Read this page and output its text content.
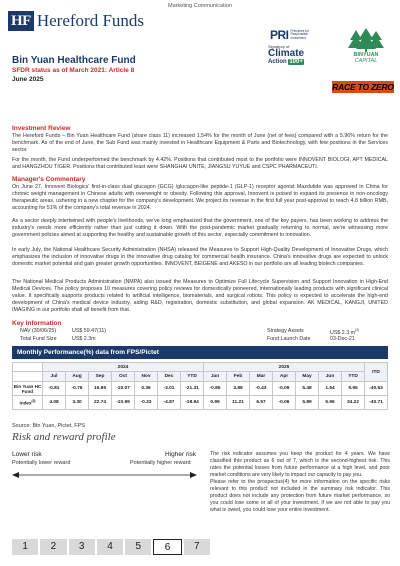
Marketing Communication
HF Hereford Funds
PRI Principles for Responsible Investment
Signatory of
Climate
Action 100+
BINYUAN
CAPITAL
RACE TO ZERO
Bin Yuan Healthcare Fund
SFDR status as of March 2021: Article 8
June 2025
Investment Review
The Hereford Funds – Bin Yuan Healthcare Fund (share class 11) increased 1.54% for the month of June (net of fees) compared with a 5.96% return for the benchmark. As of the end of June, the Sub Fund was mainly invested in Healthcare Equipment & Parts and Biotechnology, with few positions in the Services sector.
For the month, the Fund underperformed the benchmark by 4.42%. Positions that contributed most to the portfolio were INNOVENT BIOLOGI, APT MEDICAL and HANGZHOU TIGER. Positions that contributed least were SHANGHAI UNITE, JIANGSU YUYUE and CSPC PHARMACEUTI.
Manager's Commentary
On June 27, Innovent Biologics' first-in-class dual glucagon (GCG) /glucagon-like peptide-1 (GLP-1) receptor agonist Mazdutide was approved in China for chronic weight management in Chinese adults with overweight or obesity. Following this approval, Innovent is poised to expand its presence in non-oncology therapeutic areas, ushering in a new chapter for the company's development. We project its revenue in the first full year post-approval to reach 4.8 billion RMB, accounting for 51% of the company's total revenue in 2024.
As a sector deeply intertwined with people's livelihoods, we've long emphasized that the government, one of the key payers, has been working to address the industry's needs more efficiently rather than just cutting it down. With the post-pandemic market gradually returning to normal, we're witnessing more government policies aimed at supporting the healthy and sustainable growth of this sector, especially commitment to innovation.
In early July, the National Healthcare Security Administration (NHSA) released the Measures to Support High-Quality Development of Innovative Drugs, which emphasizes the inclusion of innovative drugs in the innovative drug catalog for commercial health insurance. China's innovative drugs are expected to unlock domestic market potential and gain greater growth opportunities. INNOVENT, BEIGENE and AKESO in our portfolio are all leading biotech companies.
The National Medical Products Administration (NMPA) also issued the Measures to Optimize Full Lifecycle Supervision and Support Innovation in High-End Medical Devices. The policy proposes 10 measures covering policy reviews for domestically pioneered, internationally leading products with significant clinical value. It specifically supports products related to artificial intelligence, biomaterials, and surgical robots. This policy is expected to accelerate the high-end development of China's medical device industry, aiding R&D, registration, domestic substitution, and global expansion. AK MEDICAL, KANGJI, UNITED IMAGING in our portfolio shall all benefit from that.
Key Information
NAV (30/06/25)	US$ 59.47(11)	Strategy Assets	US$ 2.3 $m^{(2)}$
Total Fund Size	US$ 2.3m	Fund Launch Date	03-Dec-21
Monthly Performance(%) data from FPS/Pictet
	2024							2025							ITD
	Jul	Aug	Sep	Oct	Nov	Dec	YTD	Jan	Feb	Mar	Apr	May	Jun	YTD	
Bin Yuan HC Fund	-0.81	-0.76	15.99	-10.07	0.36	-3.01	-21.31	-0.85	3.88	-0.43	-0.09	5.48	1.54	9.95	-40.53
Index$^{(3)}$	4.08	3.30	22.74	-10.99	-0.33	-4.87	-18.94	0.99	11.21	6.57	-0.06	5.89	5.96	34.22	-40.71
Source: Bin Yuan, Pictet, FPS
Risk and reward profile
Lower risk	Higher risk
Potentially lower reward	Potentially higher reward
1	2	3	4	5	6	7
The risk indicator assumes you keep the product for 4 years. We have classified this product as 6 out of 7, which is the second-highest risk. This rates the potential losses from future performance at a high level, and poor market conditions are very likely to impact our capacity to pay you.
Please refer to the prospectus(4) for more information on the specific risks relevant to this product not included in the summary risk indicator. This product does not include any protection from future market performance, so you could lose some or all of your investment. If we are not able to pay you what is owed, you could lose your entire investment.
